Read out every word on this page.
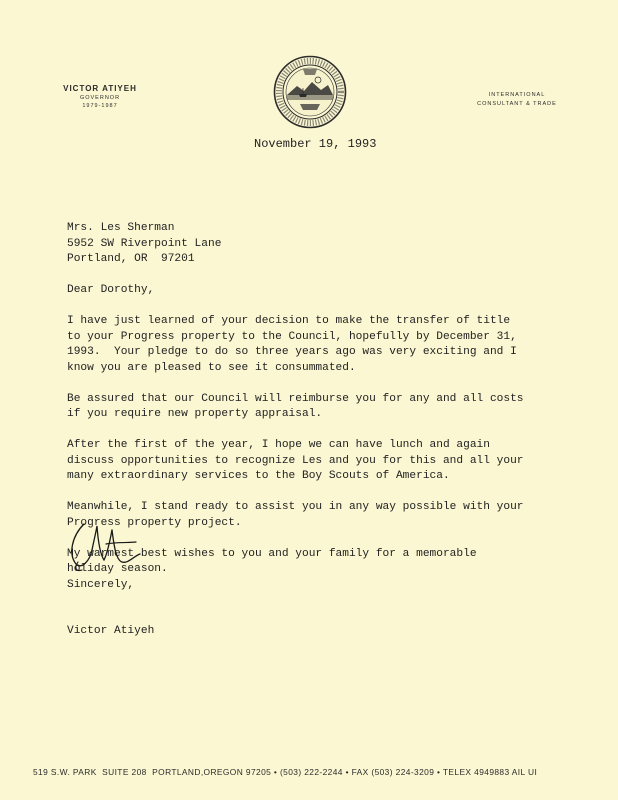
VICTOR ATIYEH
GOVERNOR
1979-1987
INTERNATIONAL
CONSULTANT & TRADE
November 19, 1993
Mrs. Les Sherman
5952 SW Riverpoint Lane
Portland, OR  97201
Dear Dorothy,
I have just learned of your decision to make the transfer of title
to your Progress property to the Council, hopefully by December 31,
1993.  Your pledge to do so three years ago was very exciting and I
know you are pleased to see it consummated.
Be assured that our Council will reimburse you for any and all costs
if you require new property appraisal.
After the first of the year, I hope we can have lunch and again
discuss opportunities to recognize Les and you for this and all your
many extraordinary services to the Boy Scouts of America.
Meanwhile, I stand ready to assist you in any way possible with your
Progress property project.
My warmest best wishes to you and your family for a memorable
holiday season.
Sincerely,
Victor Atiyeh
519 S.W. PARK  SUITE 208  PORTLAND,OREGON 97205 • (503) 222-2244 • FAX (503) 224-3209 • TELEX 4949883 AIL UI
